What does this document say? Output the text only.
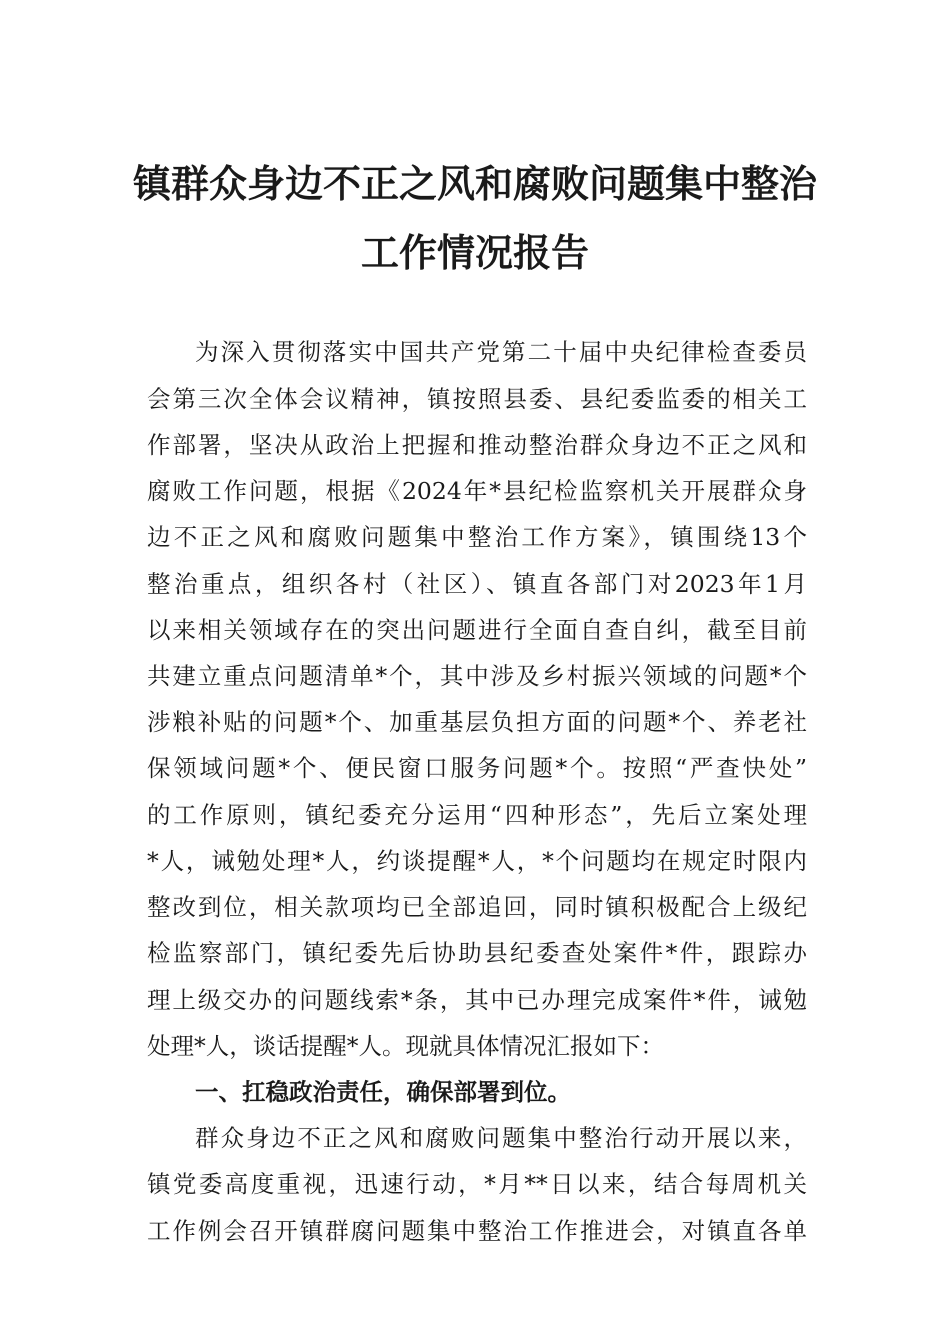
镇群众身边不正之风和腐败问题集中整治
工作情况报告
为深入贯彻落实中国共产党第二十届中央纪律检查委员
会第三次全体会议精神，镇按照县委、县纪委监委的相关工
作部署，坚决从政治上把握和推动整治群众身边不正之风和
腐败工作问题，根据《2024年*县纪检监察机关开展群众身
边不正之风和腐败问题集中整治工作方案》，镇围绕13个
整治重点，组织各村（社区）、镇直各部门对2023年1月
以来相关领域存在的突出问题进行全面自查自纠，截至目前
共建立重点问题清单*个，其中涉及乡村振兴领域的问题*个
涉粮补贴的问题*个、加重基层负担方面的问题*个、养老社
保领域问题*个、便民窗口服务问题*个。按照“严查快处”
的工作原则，镇纪委充分运用“四种形态”，先后立案处理
*人，诫勉处理*人，约谈提醒*人，*个问题均在规定时限内
整改到位，相关款项均已全部追回，同时镇积极配合上级纪
检监察部门，镇纪委先后协助县纪委查处案件*件，跟踪办
理上级交办的问题线索*条，其中已办理完成案件*件，诫勉
处理*人，谈话提醒*人。现就具体情况汇报如下：
一、扛稳政治责任，确保部署到位。
群众身边不正之风和腐败问题集中整治行动开展以来，
镇党委高度重视，迅速行动，*月**日以来，结合每周机关
工作例会召开镇群腐问题集中整治工作推进会，对镇直各单
